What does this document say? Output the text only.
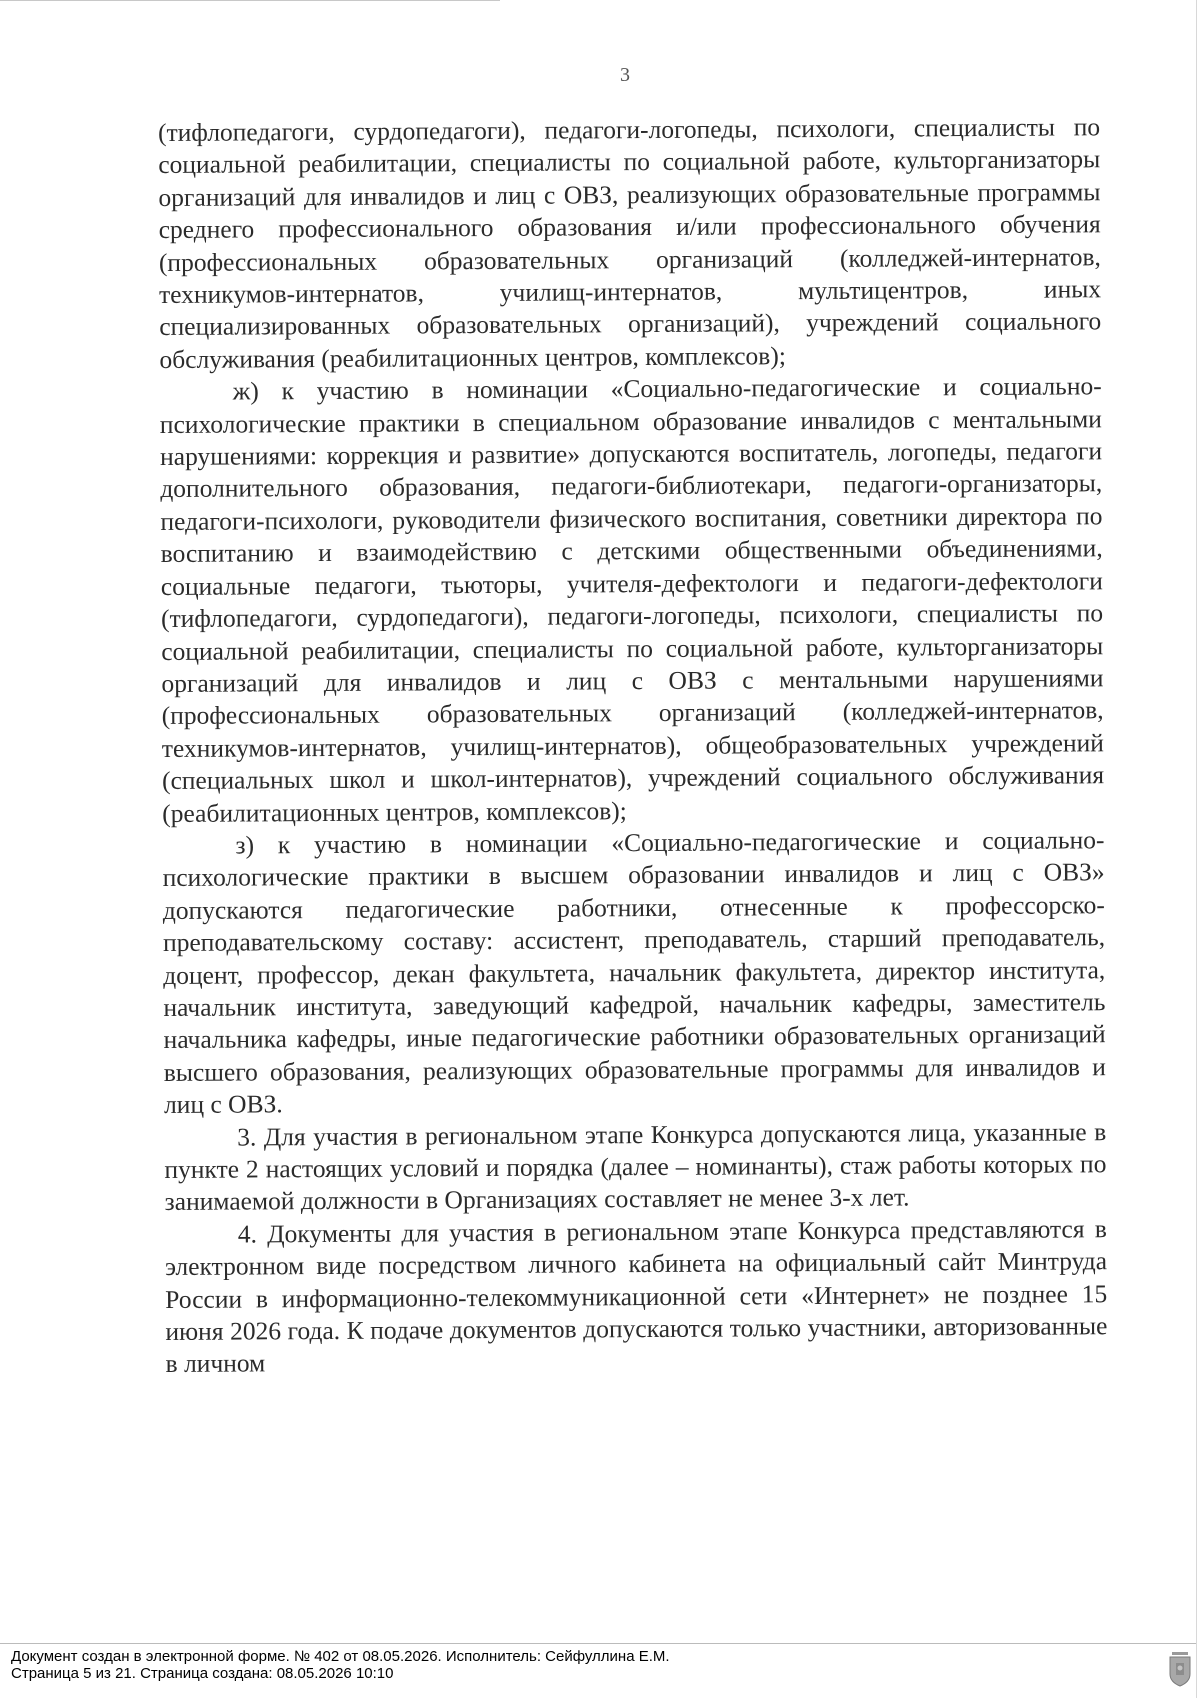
3

(тифлопедагоги, сурдопедагоги), педагоги-логопеды, психологи, специалисты по социальной реабилитации, специалисты по социальной работе, культорганизаторы организаций для инвалидов и лиц с ОВЗ, реализующих образовательные программы среднего профессионального образования и/или профессионального обучения (профессиональных образовательных организаций (колледжей-интернатов, техникумов-интернатов, училищ-интернатов, мультицентров, иных специализированных образовательных организаций), учреждений социального обслуживания (реабилитационных центров, комплексов);

ж) к участию в номинации «Социально-педагогические и социально-психологические практики в специальном образование инвалидов с ментальными нарушениями: коррекция и развитие» допускаются воспитатель, логопеды, педагоги дополнительного образования, педагоги-библиотекари, педагоги-организаторы, педагоги-психологи, руководители физического воспитания, советники директора по воспитанию и взаимодействию с детскими общественными объединениями, социальные педагоги, тьюторы, учителя-дефектологи и педагоги-дефектологи (тифлопедагоги, сурдопедагоги), педагоги-логопеды, психологи, специалисты по социальной реабилитации, специалисты по социальной работе, культорганизаторы организаций для инвалидов и лиц с ОВЗ с ментальными нарушениями (профессиональных образовательных организаций (колледжей-интернатов, техникумов-интернатов, училищ-интернатов), общеобразовательных учреждений (специальных школ и школ-интернатов), учреждений социального обслуживания (реабилитационных центров, комплексов);

з) к участию в номинации «Социально-педагогические и социально-психологические практики в высшем образовании инвалидов и лиц с ОВЗ» допускаются педагогические работники, отнесенные к профессорско-преподавательскому составу: ассистент, преподаватель, старший преподаватель, доцент, профессор, декан факультета, начальник факультета, директор института, начальник института, заведующий кафедрой, начальник кафедры, заместитель начальника кафедры, иные педагогические работники образовательных организаций высшего образования, реализующих образовательные программы для инвалидов и лиц с ОВЗ.

3. Для участия в региональном этапе Конкурса допускаются лица, указанные в пункте 2 настоящих условий и порядка (далее – номинанты), стаж работы которых по занимаемой должности в Организациях составляет не менее 3-х лет.

4. Документы для участия в региональном этапе Конкурса представляются в электронном виде посредством личного кабинета на официальный сайт Минтруда России в информационно-телекоммуникационной сети «Интернет» не позднее 15 июня 2026 года. К подаче документов допускаются только участники, авторизованные в личном

Документ создан в электронной форме. № 402 от 08.05.2026. Исполнитель: Сейфуллина Е.М.
Страница 5 из 21. Страница создана: 08.05.2026 10:10
